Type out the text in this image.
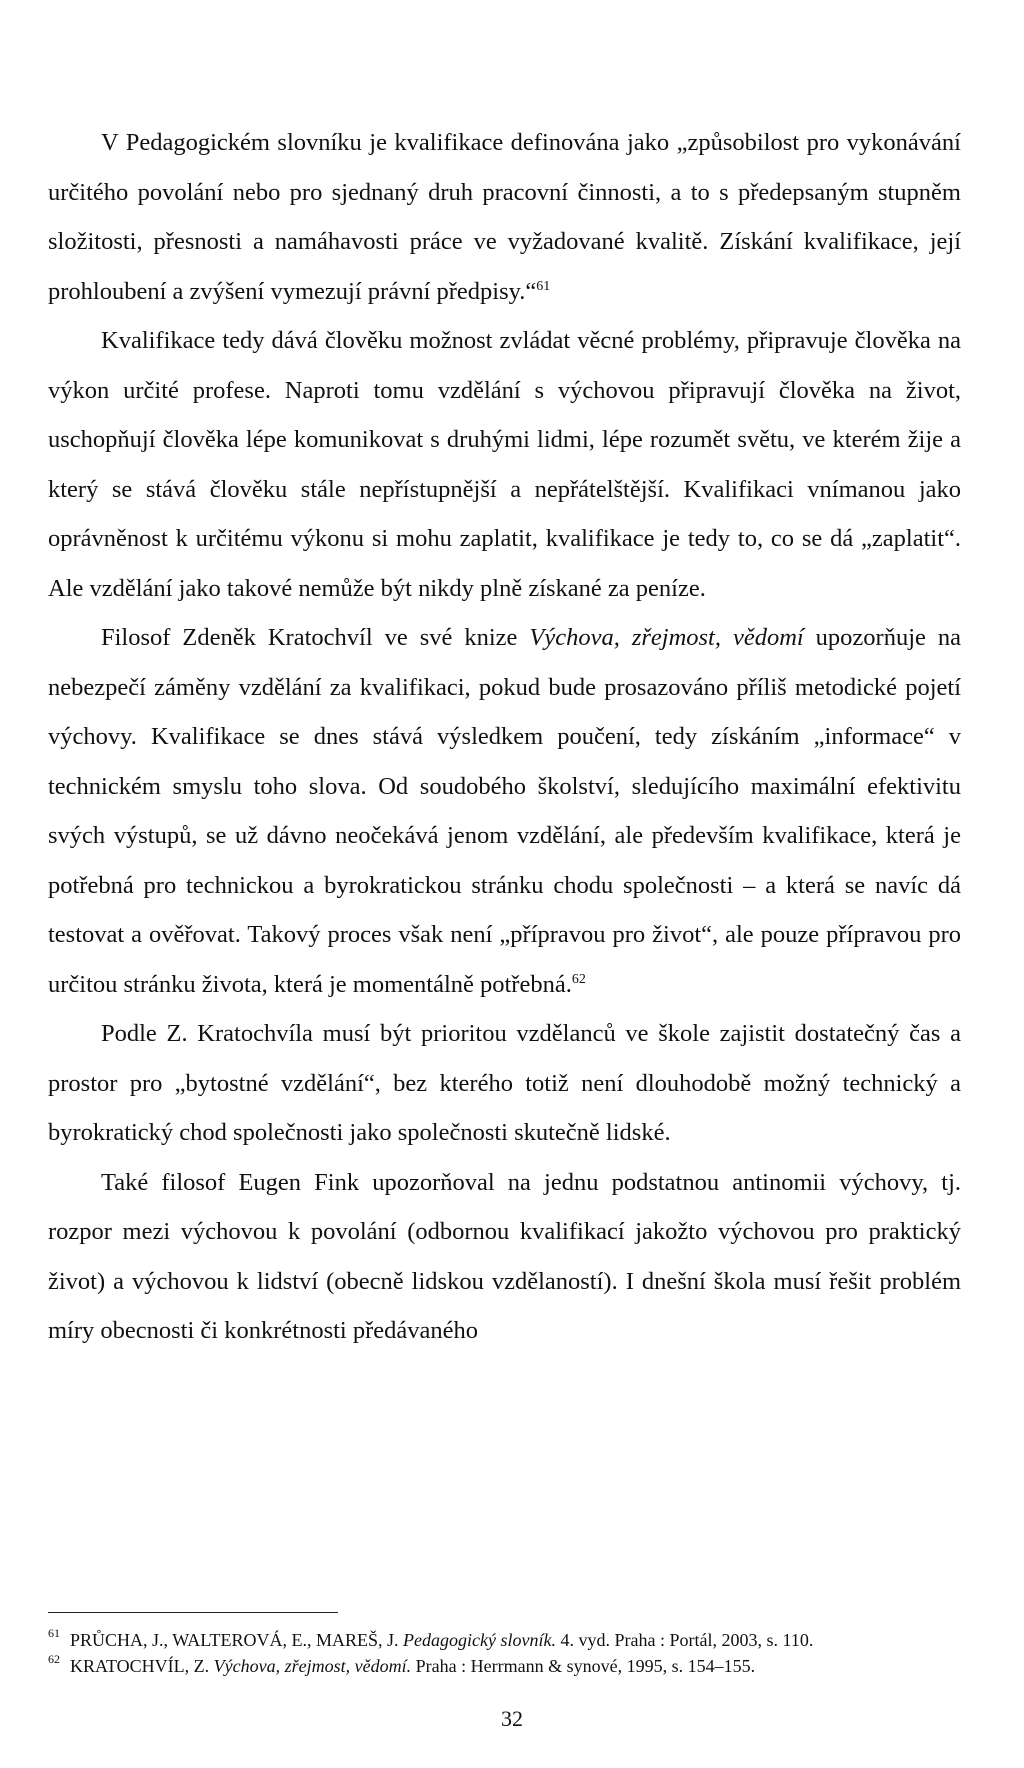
V Pedagogickém slovníku je kvalifikace definována jako „způsobilost pro vykonávání určitého povolání nebo pro sjednaný druh pracovní činnosti, a to s předepsaným stupněm složitosti, přesnosti a namáhavosti práce ve vyžadované kvalitě. Získání kvalifikace, její prohloubení a zvýšení vymezují právní předpisy.“$^{61}$

Kvalifikace tedy dává člověku možnost zvládat věcné problémy, připravuje člověka na výkon určité profese. Naproti tomu vzdělání s výchovou připravují člověka na život, uschopňují člověka lépe komunikovat s druhými lidmi, lépe rozumět světu, ve kterém žije a který se stává člověku stále nepřístupnější a nepřátelštější. Kvalifikaci vnímanou jako oprávněnost k určitému výkonu si mohu zaplatit, kvalifikace je tedy to, co se dá „zaplatit“. Ale vzdělání jako takové nemůže být nikdy plně získané za peníze.

Filosof Zdeněk Kratochvíl ve své knize Výchova, zřejmost, vědomí upozorňuje na nebezpečí záměny vzdělání za kvalifikaci, pokud bude prosazováno příliš metodické pojetí výchovy. Kvalifikace se dnes stává výsledkem poučení, tedy získáním „informace“ v technickém smyslu toho slova. Od soudobého školství, sledujícího maximální efektivitu svých výstupů, se už dávno neočekává jenom vzdělání, ale především kvalifikace, která je potřebná pro technickou a byrokratickou stránku chodu společnosti – a která se navíc dá testovat a ověřovat. Takový proces však není „přípravou pro život“, ale pouze přípravou pro určitou stránku života, která je momentálně potřebná.$^{62}$

Podle Z. Kratochvíla musí být prioritou vzdělanců ve škole zajistit dostatečný čas a prostor pro „bytostné vzdělání“, bez kterého totiž není dlouhodobě možný technický a byrokratický chod společnosti jako společnosti skutečně lidské.

Také filosof Eugen Fink upozorňoval na jednu podstatnou antinomii výchovy, tj. rozpor mezi výchovou k povolání (odbornou kvalifikací jakožto výchovou pro praktický život) a výchovou k lidství (obecně lidskou vzdělaností). I dnešní škola musí řešit problém míry obecnosti či konkrétnosti předávaného

61 PRŮCHA, J., WALTEROVÁ, E., MAREŠ, J. Pedagogický slovník. 4. vyd. Praha : Portál, 2003, s. 110.

62 KRATOCHVÍL, Z. Výchova, zřejmost, vědomí. Praha : Herrmann & synové, 1995, s. 154–155.

32
